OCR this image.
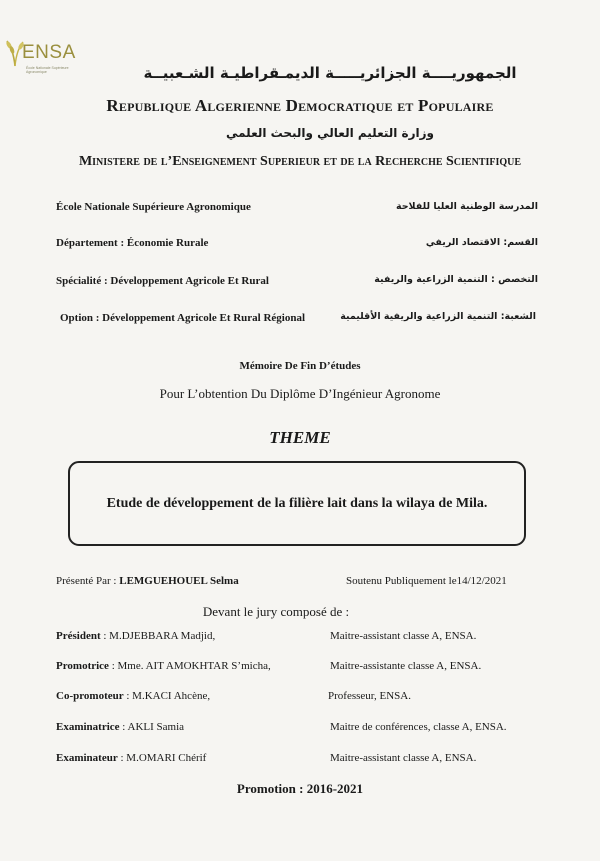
ENSA
École Nationale Supérieure Agronomique	الجمهوريــــة الجزائريـــــة الديمـقراطيـة الشـعبيــة
Republique Algerienne Democratique et Populaire
وزارة التعليم العالي والبحث العلمي
Ministere de l’Enseignement Superieur et de la Recherche Scientifique
École Nationale Supérieure Agronomique	المدرسة الوطنية العليا للفلاحة
Département : Économie Rurale	القسم: الاقتصاد الريفي
Spécialité : Développement Agricole Et Rural	التخصص : التنمية الزراعية والريفية
Option : Développement Agricole Et Rural Régional	الشعبة: التنمية الزراعية والريفية الأقليمية
Mémoire De Fin D’études
Pour L’obtention Du Diplôme D’Ingénieur Agronome
THEME
Etude de développement de la filière lait dans la wilaya de Mila.
Présenté Par : LEMGUEHOUEL Selma	Soutenu Publiquement le14/12/2021
Devant le jury composé de :
Président : M.DJEBBARA Madjid,	Maitre-assistant classe A, ENSA.
Promotrice : Mme. AIT AMOKHTAR S’micha,	Maitre-assistante classe A, ENSA.
Co-promoteur : M.KACI Ahcène,	Professeur, ENSA.
Examinatrice : AKLI Samia	Maitre de conférences, classe A, ENSA.
Examinateur : M.OMARI Chérif	Maitre-assistant classe A, ENSA.
Promotion : 2016-2021
